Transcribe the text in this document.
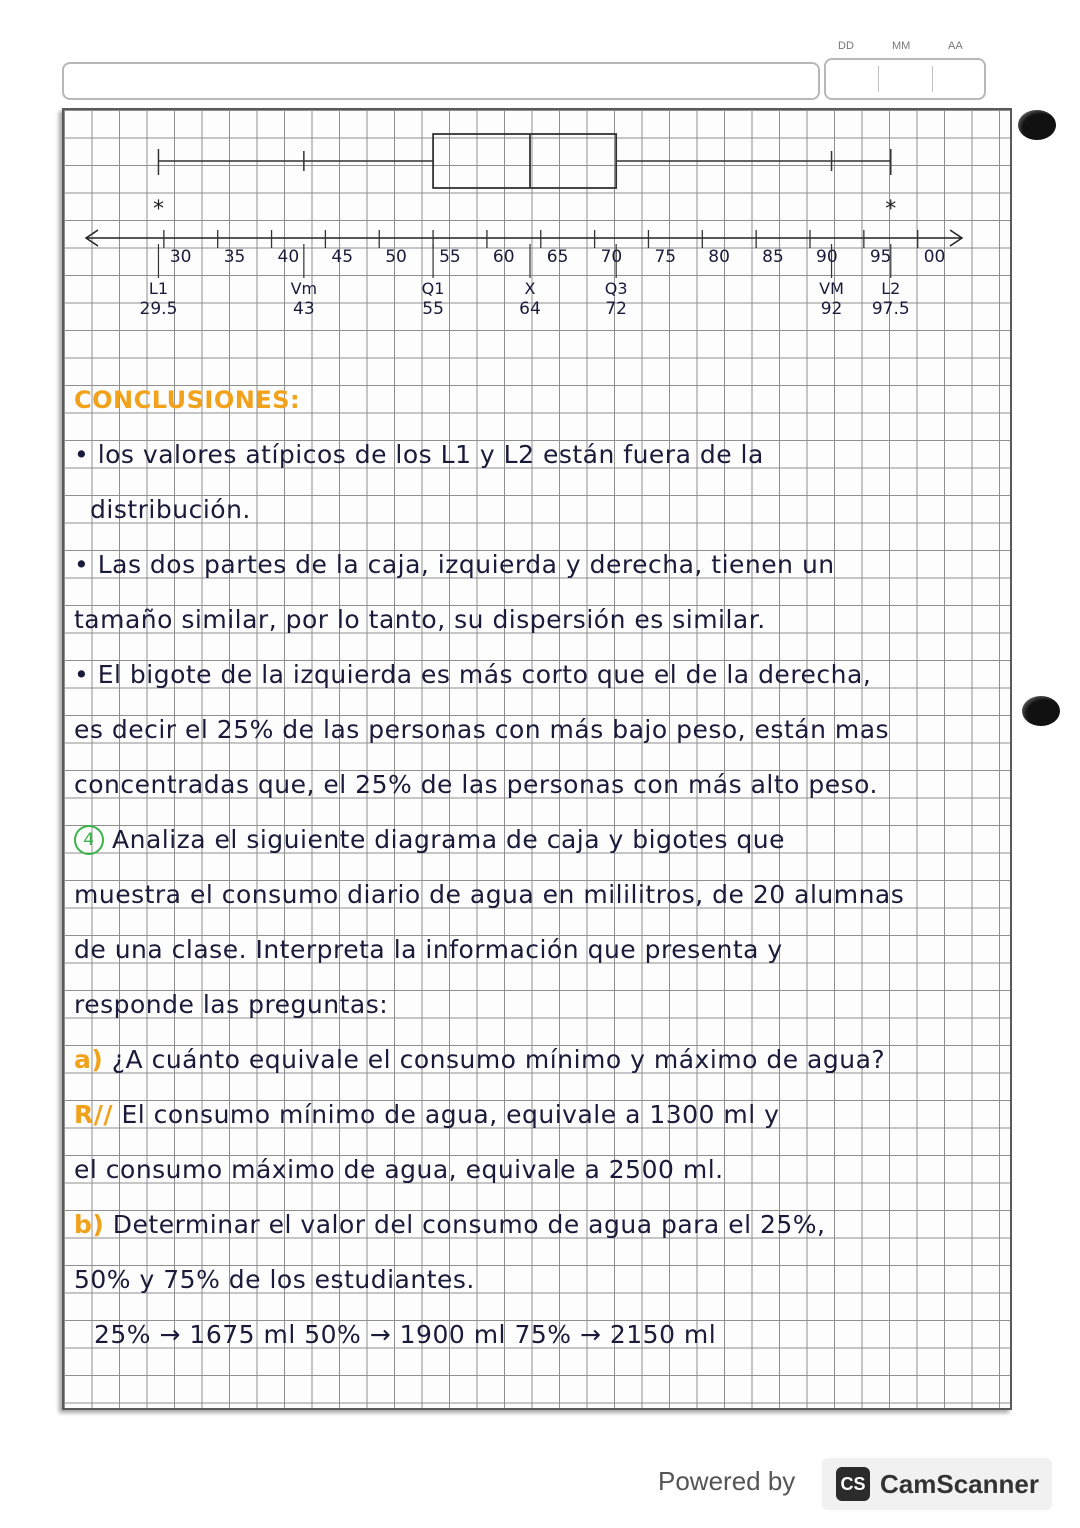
DD	MM	AA
30 35 40 45 50 55 60 65 70 75 80 85 90 95 00
*	*
L1
29.5
Vm
43
Q1
55
X
64
Q3
72
VM
92
L2
97.5
CONCLUSIONES:
• los valores atípicos de los L1 y L2 están fuera de la
distribución.
• Las dos partes de la caja, izquierda y derecha, tienen un
tamaño similar, por lo tanto, su dispersión es similar.
• El bigote de la izquierda es más corto que el de la derecha,
es decir el 25% de las personas con más bajo peso, están mas
concentradas que, el 25% de las personas con más alto peso.
4 Analiza el siguiente diagrama de caja y bigotes que
muestra el consumo diario de agua en mililitros, de 20 alumnas
de una clase. Interpreta la información que presenta y
responde las preguntas:
a) ¿A cuánto equivale el consumo mínimo y máximo de agua?
R// El consumo mínimo de agua, equivale a 1300 ml y
el consumo máximo de agua, equivale a 2500 ml.
b) Determinar el valor del consumo de agua para el 25%,
50% y 75% de los estudiantes.
25% → 1675 ml 50% → 1900 ml 75% → 2150 ml
Powered by	CS CamScanner
